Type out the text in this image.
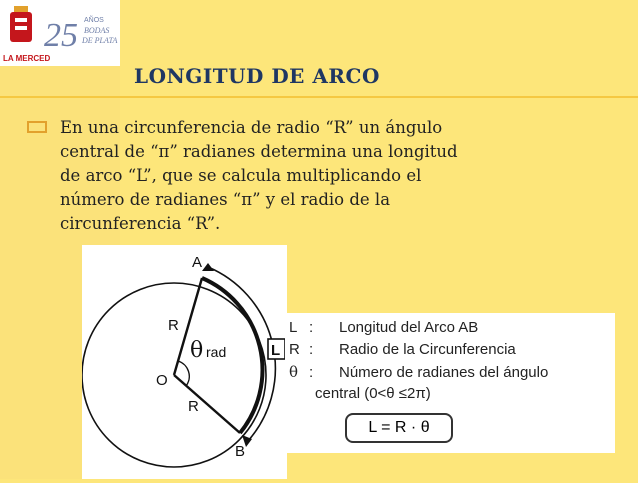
LA MERCED
25 AÑOS
BODAS
DE PLATA
LONGITUD DE ARCO
En una circunferencia de radio “R” un ángulo
central de “π” radianes determina una longitud
de arco “L”, que se calcula multiplicando el
número de radianes “π” y el radio de la
circunferencia “R”.
A
B
O
R
R
θ rad	L
L : Longitud del Arco AB
R : Radio de la Circunferencia
θ : Número de radianes del ángulo
central (0<θ ≤2π)
L = R · θ
